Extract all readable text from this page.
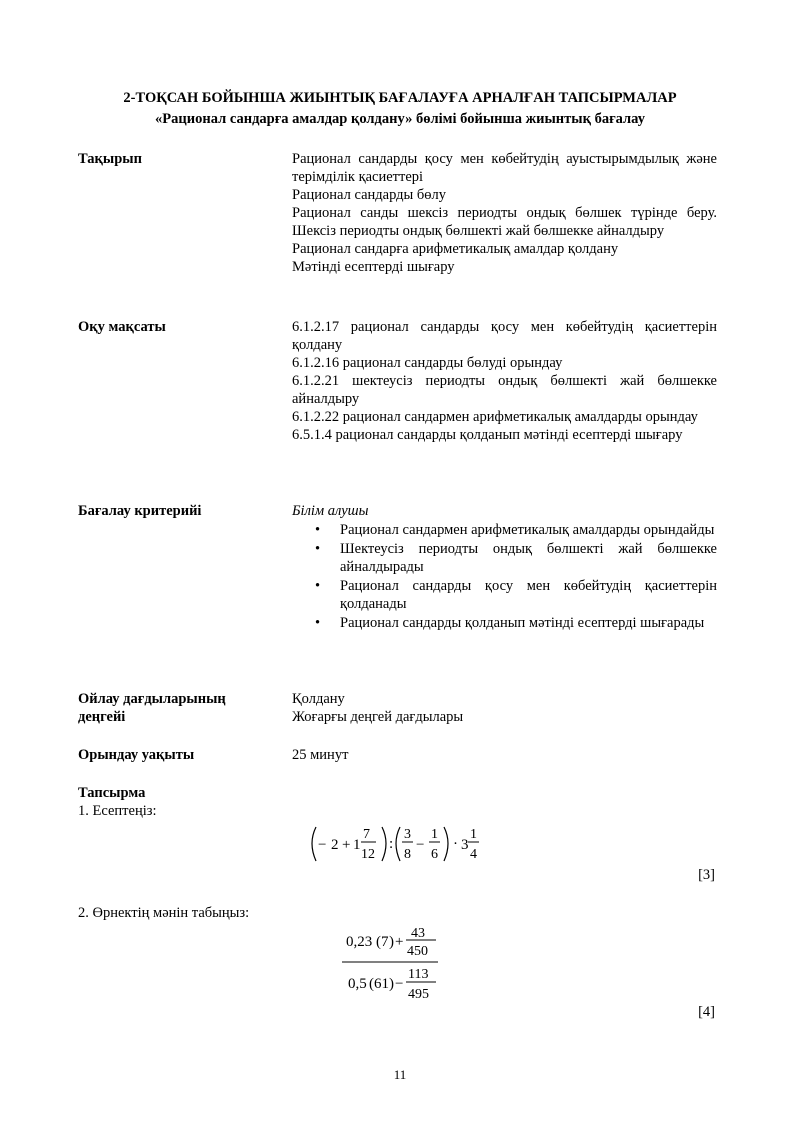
2-ТОҚСАН БОЙЫНША ЖИЫНТЫҚ БАҒАЛАУҒА АРНАЛҒАН ТАПСЫРМАЛАР
«Рационал сандарға амалдар қолдану» бөлімі бойынша жиынтық бағалау
Тақырып	Рационал сандарды қосу мен көбейтудің ауыстырымдылық және терімділік қасиеттері
Рационал сандарды бөлу
Рационал санды шексіз периодты ондық бөлшек түрінде беру. Шексіз периодты ондық бөлшекті жай бөлшекке айналдыру
Рационал сандарға арифметикалық амалдар қолдану
Мәтінді есептерді шығару
Оқу мақсаты	6.1.2.17 рационал сандарды қосу мен көбейтудің қасиеттерін қолдану
6.1.2.16 рационал сандарды бөлуді орындау
6.1.2.21 шектеусіз периодты ондық бөлшекті жай бөлшекке айналдыру
6.1.2.22 рационал сандармен арифметикалық амалдарды орындау
6.5.1.4 рационал сандарды қолданып мәтінді есептерді шығару
Бағалау критерийі	Білім алушы
• Рационал сандармен арифметикалық амалдарды орындайды
• Шектеусіз периодты ондық бөлшекті жай бөлшекке айналдырады
• Рационал сандарды қосу мен көбейтудің қасиеттерін қолданады
• Рационал сандарды қолданып мәтінді есептерді шығарады
Ойлау дағдыларының деңгейі
Қолдану
Жоғарғы деңгей дағдылары
Орындау уақыты	25 минут
Тапсырма
1. Есептеңіз:
− 2 + 1
7
12
:
3
8
−
1
6
· 3
1
4
[3]
2. Өрнектің мәнін табыңыз:
0,23 ( 7 ) +
43
450
0,5 ( 61 ) −
113
495
[4]
11
